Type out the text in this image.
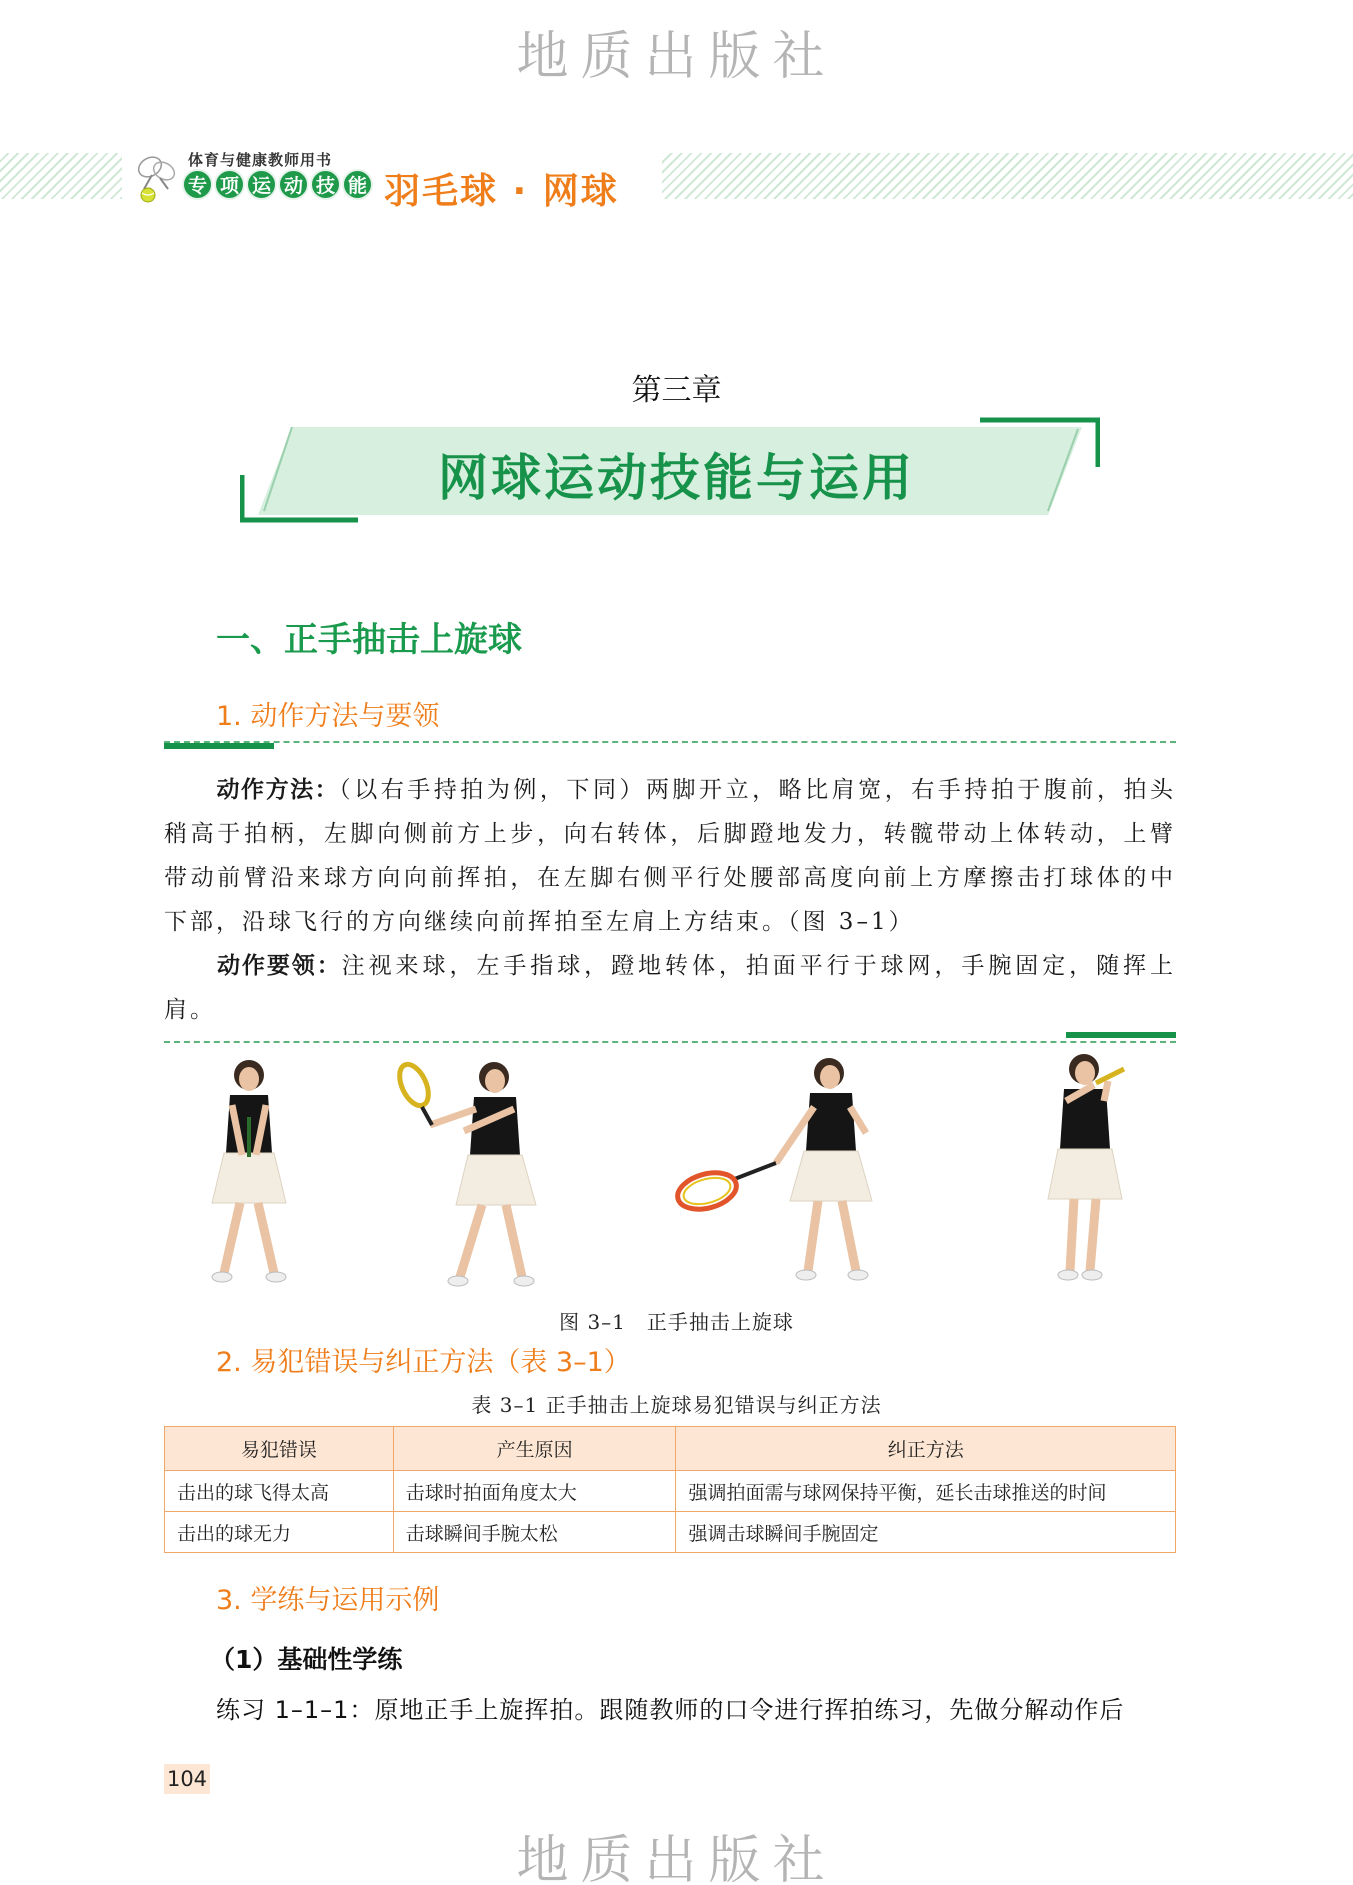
地质出版社
体育与健康教师用书
专 项 运 动 技 能 羽毛球 · 网球
第三章
网球运动技能与运用
一、正手抽击上旋球
1. 动作方法与要领
动作方法：（以右手持拍为例，下同）两脚开立，略比肩宽，右手持拍于腹前，拍头稍高于拍柄，左脚向侧前方上步，向右转体，后脚蹬地发力，转髋带动上体转动，上臂带动前臂沿来球方向向前挥拍，在左脚右侧平行处腰部高度向前上方摩擦击打球体的中下部，沿球飞行的方向继续向前挥拍至左肩上方结束。（图 3–1）
动作要领：注视来球，左手指球，蹬地转体，拍面平行于球网，手腕固定，随挥上肩。
图 3–1　正手抽击上旋球
2. 易犯错误与纠正方法（表 3–1）
表 3–1 正手抽击上旋球易犯错误与纠正方法
易犯错误	产生原因	纠正方法
击出的球飞得太高	击球时拍面角度太大	强调拍面需与球网保持平衡，延长击球推送的时间
击出的球无力	击球瞬间手腕太松	强调击球瞬间手腕固定
3. 学练与运用示例
（1）基础性学练
练习 1–1–1：原地正手上旋挥拍。跟随教师的口令进行挥拍练习，先做分解动作后
104
地质出版社
